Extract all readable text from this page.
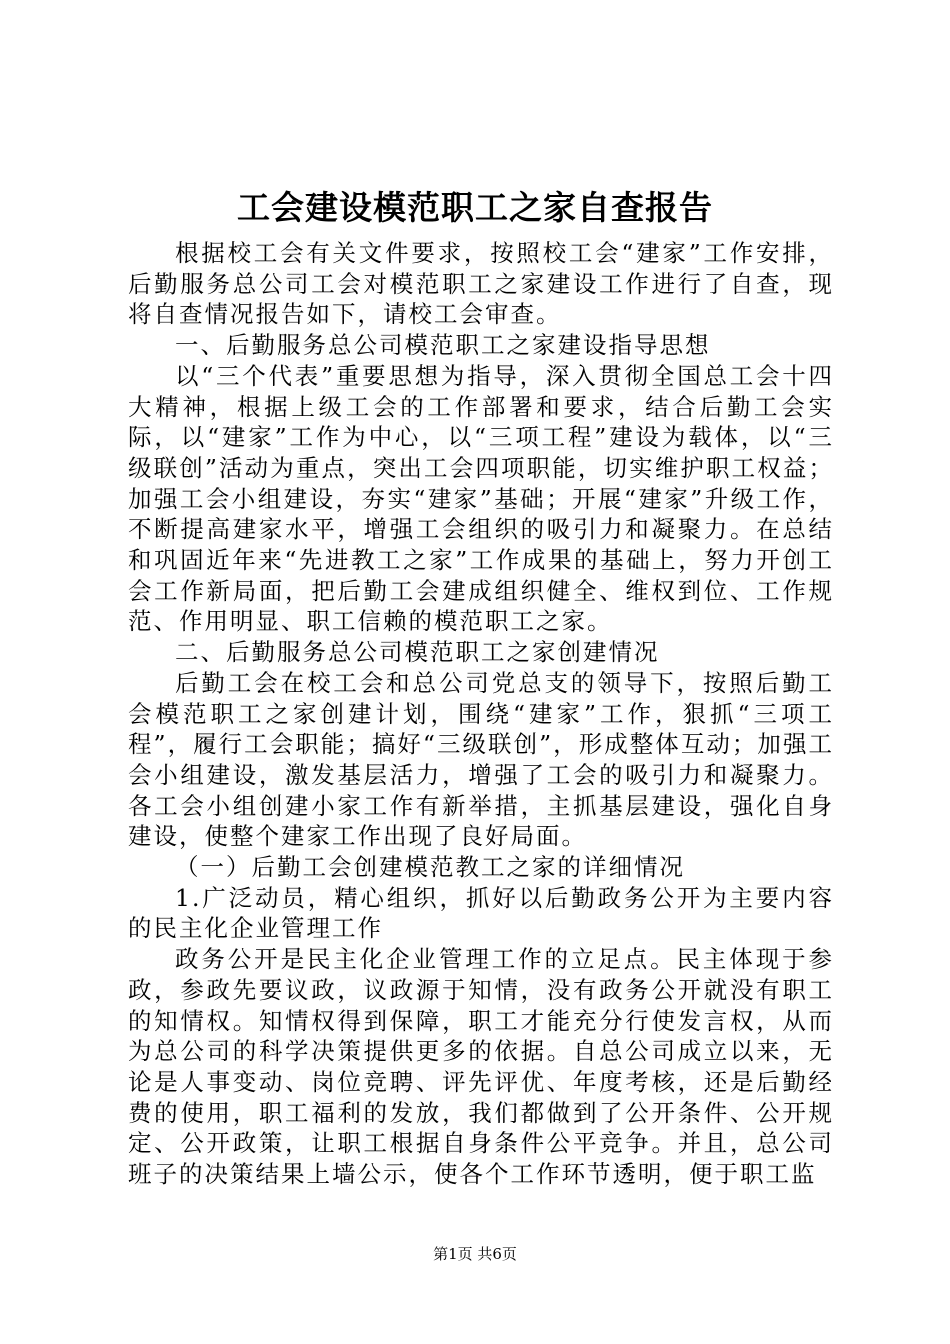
工会建设模范职工之家自查报告

根据校工会有关文件要求，按照校工会“建家”工作安排，后勤服务总公司工会对模范职工之家建设工作进行了自查，现将自查情况报告如下，请校工会审查。

一、后勤服务总公司模范职工之家建设指导思想

以“三个代表”重要思想为指导，深入贯彻全国总工会十四大精神，根据上级工会的工作部署和要求，结合后勤工会实际，以“建家”工作为中心，以“三项工程”建设为载体，以“三级联创”活动为重点，突出工会四项职能，切实维护职工权益；加强工会小组建设，夯实“建家”基础；开展“建家”升级工作，不断提高建家水平，增强工会组织的吸引力和凝聚力。在总结和巩固近年来“先进教工之家”工作成果的基础上，努力开创工会工作新局面，把后勤工会建成组织健全、维权到位、工作规范、作用明显、职工信赖的模范职工之家。

二、后勤服务总公司模范职工之家创建情况

后勤工会在校工会和总公司党总支的领导下，按照后勤工会模范职工之家创建计划，围绕“建家”工作，狠抓“三项工程”，履行工会职能；搞好“三级联创”，形成整体互动；加强工会小组建设，激发基层活力，增强了工会的吸引力和凝聚力。各工会小组创建小家工作有新举措，主抓基层建设，强化自身建设，使整个建家工作出现了良好局面。

（一）后勤工会创建模范教工之家的详细情况

1.广泛动员，精心组织，抓好以后勤政务公开为主要内容的民主化企业管理工作

政务公开是民主化企业管理工作的立足点。民主体现于参政，参政先要议政，议政源于知情，没有政务公开就没有职工的知情权。知情权得到保障，职工才能充分行使发言权，从而为总公司的科学决策提供更多的依据。自总公司成立以来，无论是人事变动、岗位竞聘、评先评优、年度考核，还是后勤经费的使用，职工福利的发放，我们都做到了公开条件、公开规定、公开政策，让职工根据自身条件公平竞争。并且，总公司班子的决策结果上墙公示，使各个工作环节透明，便于职工监

第1页 共6页
